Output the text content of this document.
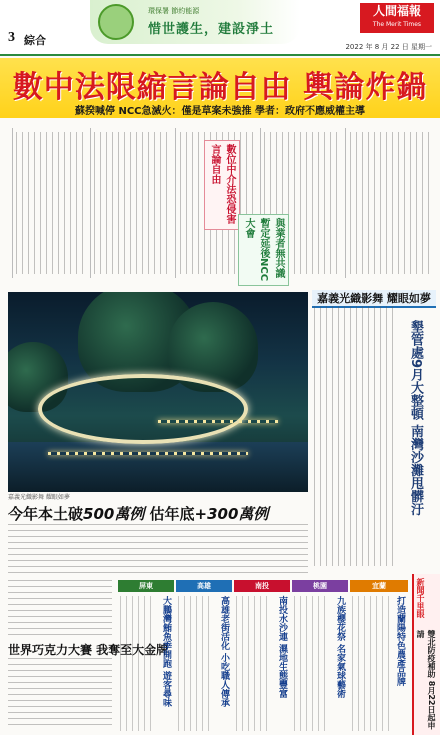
3 綜合
環保署 節約能源
惜世護生，建設淨土
人間福報
The Merit Times
2022 年 8 月 22 日 星期一
數中法限縮言論自由 輿論炸鍋
蘇揆喊停 NCC急滅火：僅是草案未強推 學者：政府不應威權主導
數位中介法恐侵害言論自由
與業者無共識 暫定延後NCC大會
嘉義光織影舞 耀眼如夢
嘉義光織影舞 耀眼如夢
墾管處9月大整頓 南灣沙灘甩髒汙
今年本土破500萬例 估年底+300萬例
世界巧克力大賽 我奪至大金牌
屏東	高雄	南投	桃園	宜蘭
大鵬灣鮪魚季開跑 遊客尋味	高雄老街活化 小吃職人傳承	南投水沙連 濕地生態豐富	九族櫻花祭 名家氣球藝術	打造蘭陽特色農產品牌 新聞千里眼
雙北防疫補助 8月22日起申請
